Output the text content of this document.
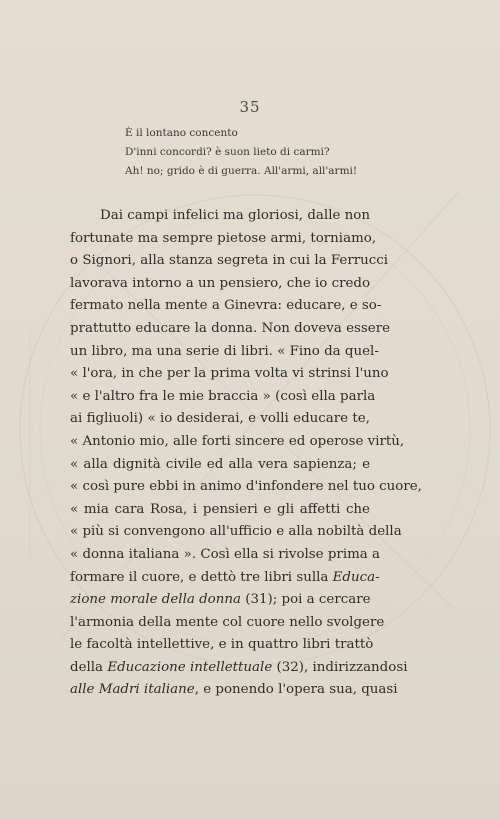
35
È il lontano concento
D'inni concordi? è suon lieto di carmi?
Ah! no; grido è di guerra. All'armi, all'armi!
Dai campi infelici ma gloriosi, dalle non
fortunate ma sempre pietose armi, torniamo,
o Signori, alla stanza segreta in cui la Ferrucci
lavorava intorno a un pensiero, che io credo
fermato nella mente a Ginevra: educare, e so-
prattutto educare la donna. Non doveva essere
un libro, ma una serie di libri. « Fino da quel-
« l'ora, in che per la prima volta vi strinsi l'uno
« e l'altro fra le mie braccia » (così ella parla
ai figliuoli) « io desiderai, e volli educare te,
« Antonio mio, alle forti sincere ed operose virtù,
« alla dignità civile ed alla vera sapienza; e
« così pure ebbi in animo d'infondere nel tuo cuore,
« mia cara Rosa, i pensieri e gli affetti che
« più si convengono all'ufficio e alla nobiltà della
« donna italiana ». Così ella si rivolse prima a
formare il cuore, e dettò tre libri sulla Educa-
zione morale della donna (31); poi a cercare
l'armonia della mente col cuore nello svolgere
le facoltà intellettive, e in quattro libri trattò
della Educazione intellettuale (32), indirizzandosi
alle Madri italiane, e ponendo l'opera sua, quasi
